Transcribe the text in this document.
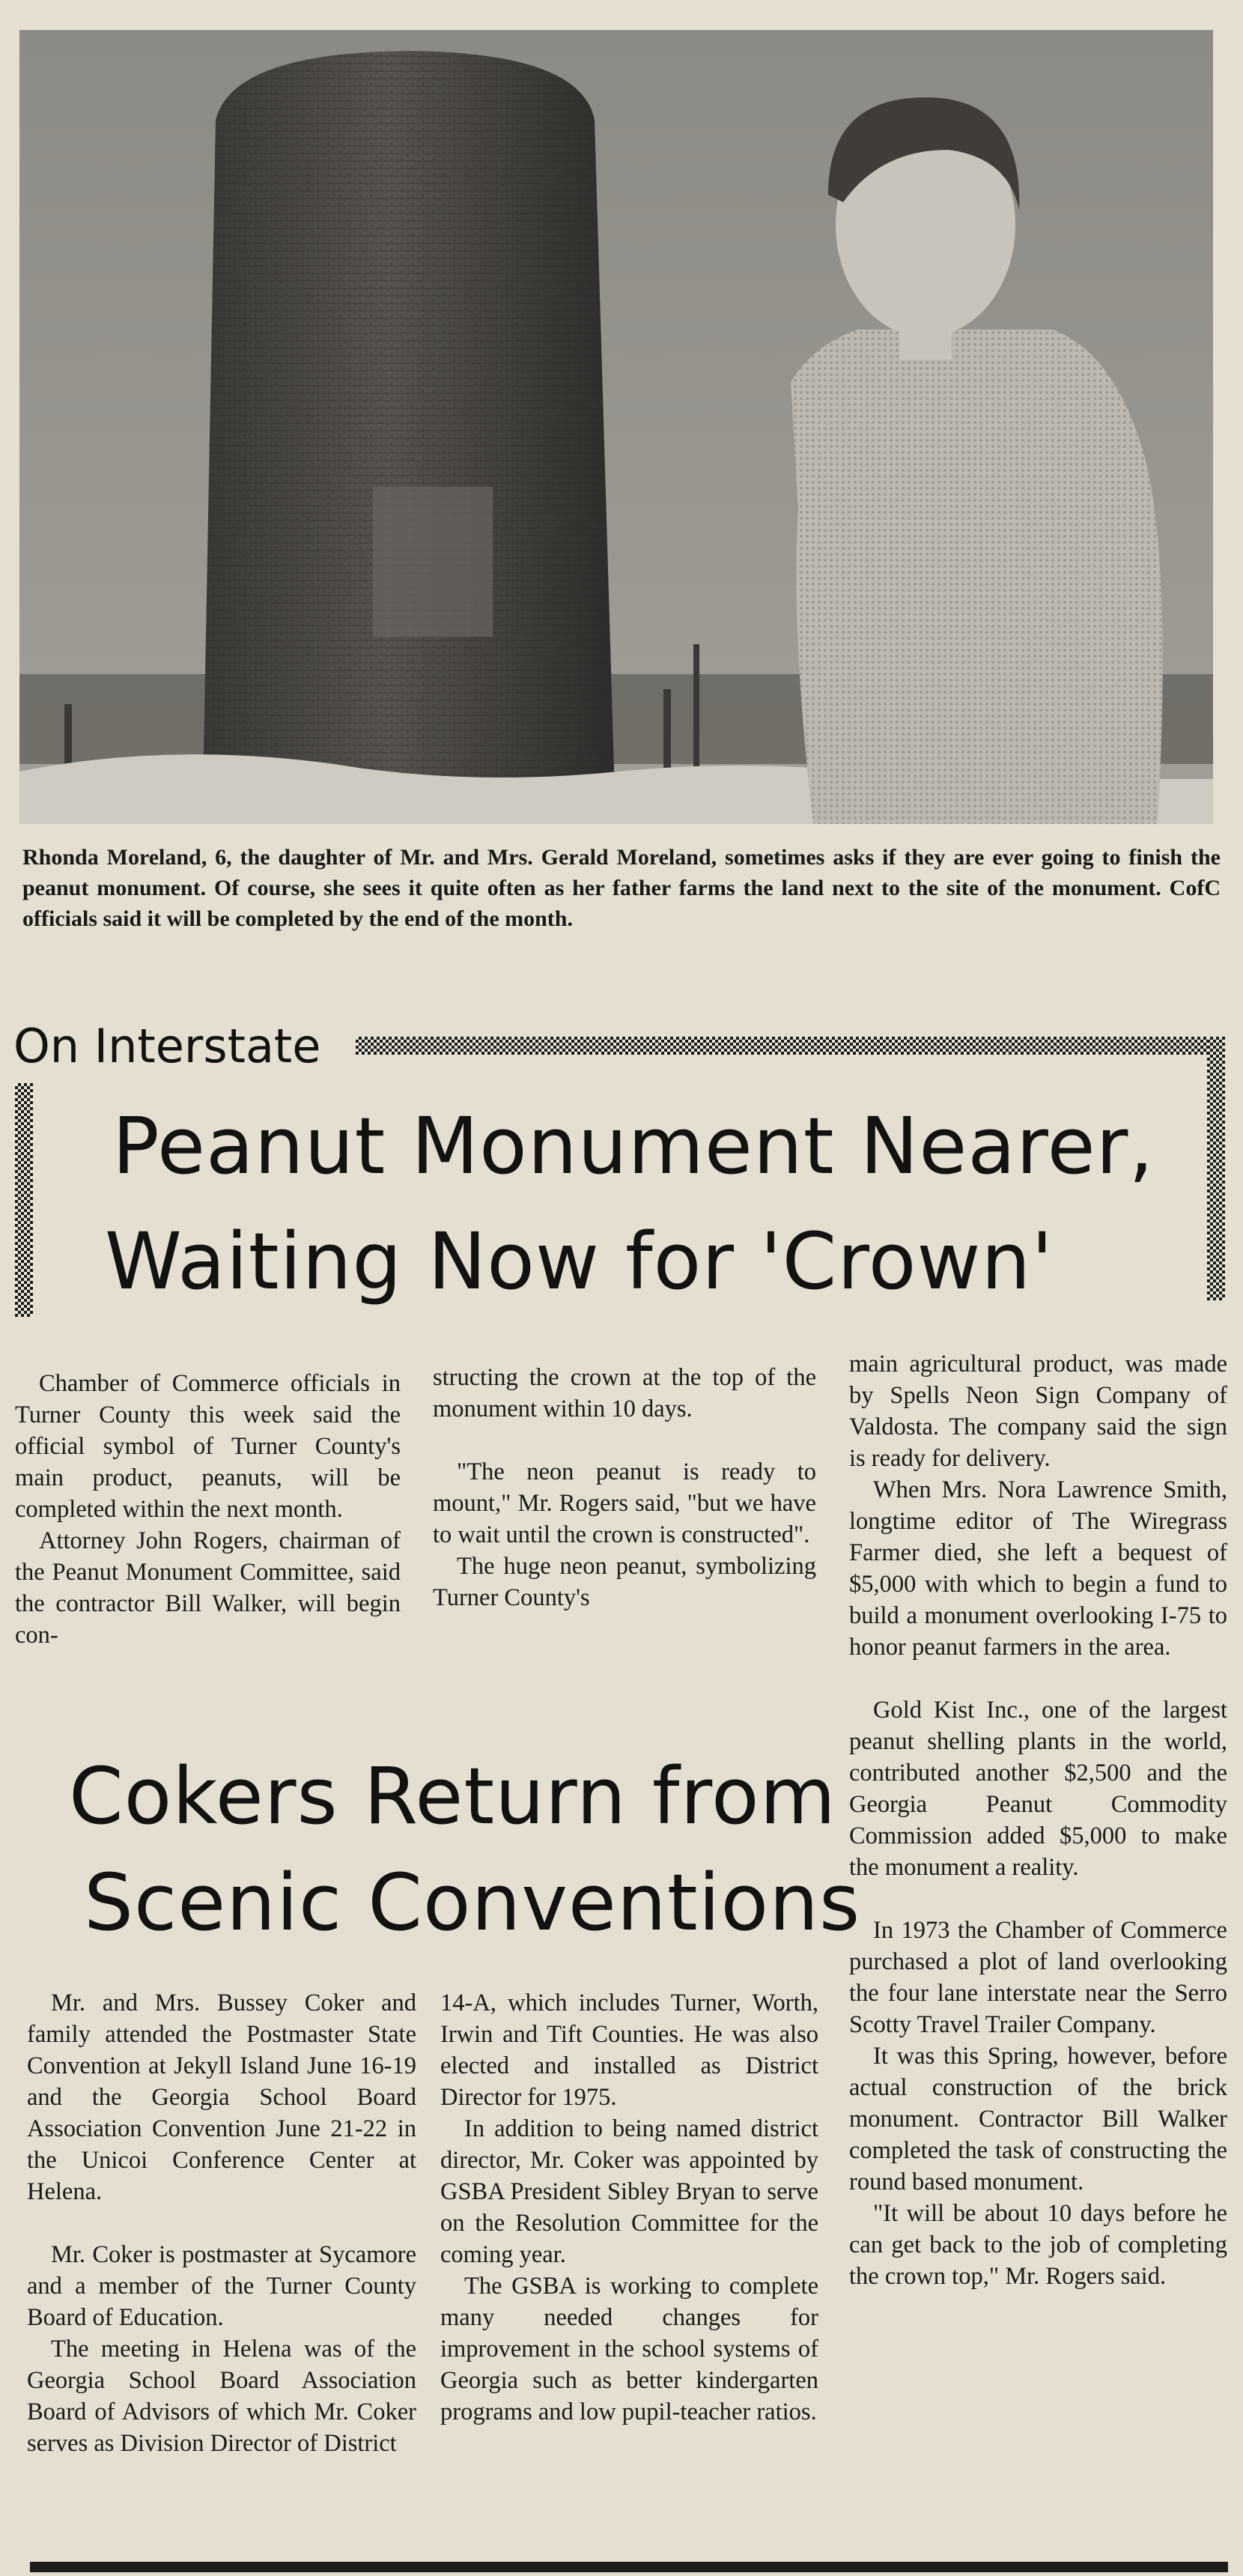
Rhonda Moreland, 6, the daughter of Mr. and Mrs. Gerald Moreland, sometimes asks if they are ever going to finish the peanut monument. Of course, she sees it quite often as her father farms the land next to the site of the monument. CofC officials said it will be completed by the end of the month.
On Interstate
Peanut Monument Nearer,
Waiting Now for 'Crown'

Chamber of Commerce officials in Turner County this week said the official symbol of Turner County's main product, peanuts, will be completed within the next month.

Attorney John Rogers, chairman of the Peanut Monument Committee, said the contractor Bill Walker, will begin con-

structing the crown at the top of the monument within 10 days.

"The neon peanut is ready to mount," Mr. Rogers said, "but we have to wait until the crown is constructed".

The huge neon peanut, symbolizing Turner County's

main agricultural product, was made by Spells Neon Sign Company of Valdosta. The company said the sign is ready for delivery.

When Mrs. Nora Lawrence Smith, longtime editor of The Wiregrass Farmer died, she left a bequest of $5,000 with which to begin a fund to build a monument overlooking I-75 to honor peanut farmers in the area.

Gold Kist Inc., one of the largest peanut shelling plants in the world, contributed another $2,500 and the Georgia Peanut Commodity Commission added $5,000 to make the monument a reality.

In 1973 the Chamber of Commerce purchased a plot of land overlooking the four lane interstate near the Serro Scotty Travel Trailer Company.

It was this Spring, however, before actual construction of the brick monument. Contractor Bill Walker completed the task of constructing the round based monument.

"It will be about 10 days before he can get back to the job of completing the crown top," Mr. Rogers said.

Cokers Return from
Scenic Conventions

Mr. and Mrs. Bussey Coker and family attended the Postmaster State Convention at Jekyll Island June 16-19 and the Georgia School Board Association Convention June 21-22 in the Unicoi Conference Center at Helena.

Mr. Coker is postmaster at Sycamore and a member of the Turner County Board of Education.

The meeting in Helena was of the Georgia School Board Association Board of Advisors of which Mr. Coker serves as Division Director of District

14-A, which includes Turner, Worth, Irwin and Tift Counties. He was also elected and installed as District Director for 1975.

In addition to being named district director, Mr. Coker was appointed by GSBA President Sibley Bryan to serve on the Resolution Committee for the coming year.

The GSBA is working to complete many needed changes for improvement in the school systems of Georgia such as better kindergarten programs and low pupil-teacher ratios.
